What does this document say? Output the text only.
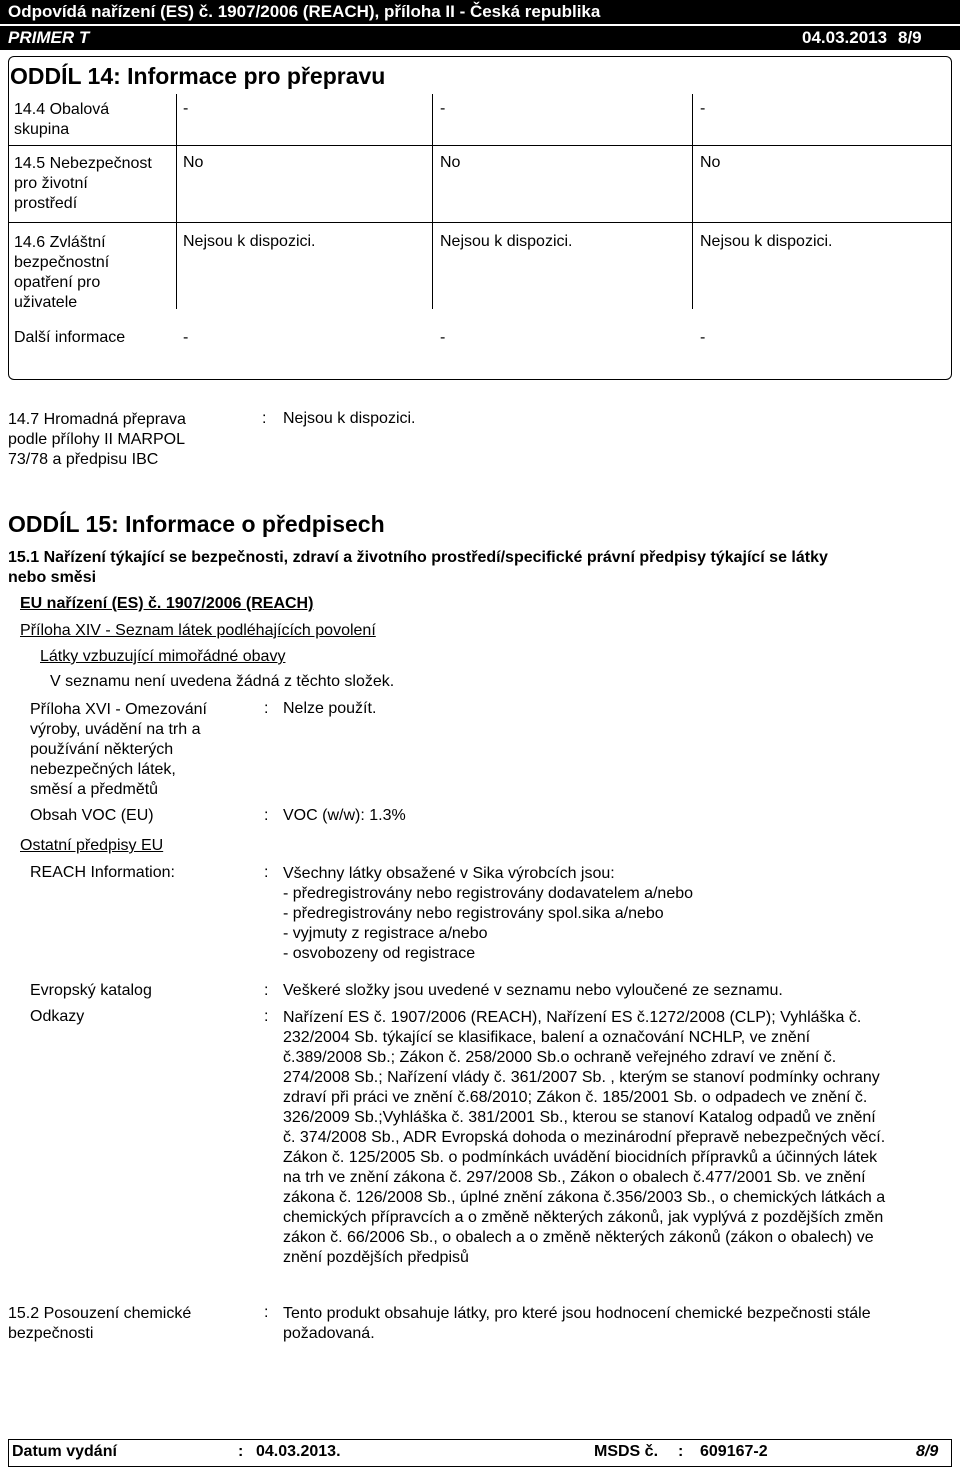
Odpovídá nařízení (ES) č. 1907/2006 (REACH), příloha II - Česká republika
PRIMER T	04.03.2013 8/9
ODDÍL 14: Informace pro přepravu
14.4 Obalová
skupina
-	-	-
14.5 Nebezpečnost
pro životní
prostředí
No	No	No
14.6 Zvláštní
bezpečnostní
opatření pro
uživatele
Nejsou k dispozici.	Nejsou k dispozici.	Nejsou k dispozici.
Další informace	-	-	-
14.7 Hromadná přeprava
podle přílohy II MARPOL
73/78 a předpisu IBC
: Nejsou k dispozici.
ODDÍL 15: Informace o předpisech
15.1 Nařízení týkající se bezpečnosti, zdraví a životního prostředí/specifické právní předpisy týkající se látky
nebo směsi
EU nařízení (ES) č. 1907/2006 (REACH)
Příloha XIV - Seznam látek podléhajících povolení
Látky vzbuzující mimořádné obavy
V seznamu není uvedena žádná z těchto složek.
Příloha XVI - Omezování
výroby, uvádění na trh a
používání některých
nebezpečných látek,
směsí a předmětů
: Nelze použít.
Obsah VOC (EU)	: VOC (w/w): 1.3%
Ostatní předpisy EU
REACH Information:	: Všechny látky obsažené v Sika výrobcích jsou:
- předregistrovány nebo registrovány dodavatelem a/nebo
- předregistrovány nebo registrovány spol.sika a/nebo
- vyjmuty z registrace a/nebo
- osvobozeny od registrace
Evropský katalog	: Veškeré složky jsou uvedené v seznamu nebo vyloučené ze seznamu.
Odkazy	: Nařízení ES č. 1907/2006 (REACH), Nařízení ES č.1272/2008 (CLP); Vyhláška č.
232/2004 Sb. týkající se klasifikace, balení a označování NCHLP, ve znění
č.389/2008 Sb.; Zákon č. 258/2000 Sb.o ochraně veřejného zdraví ve znění č.
274/2008 Sb.; Nařízení vlády č. 361/2007 Sb. , kterým se stanoví podmínky ochrany
zdraví při práci ve znění č.68/2010; Zákon č. 185/2001 Sb. o odpadech ve znění č.
326/2009 Sb.;Vyhláška č. 381/2001 Sb., kterou se stanoví Katalog odpadů ve znění
č. 374/2008 Sb., ADR Evropská dohoda o mezinárodní přepravě nebezpečných věcí.
Zákon č. 125/2005 Sb. o podmínkách uvádění biocidních přípravků a účinných látek
na trh ve znění zákona č. 297/2008 Sb., Zákon o obalech č.477/2001 Sb. ve znění
zákona č. 126/2008 Sb., úplné znění zákona č.356/2003 Sb., o chemických látkách a
chemických přípravcích a o změně některých zákonů, jak vyplývá z pozdějších změn
zákon č. 66/2006 Sb., o obalech a o změně některých zákonů (zákon o obalech) ve
znění pozdějších předpisů
15.2 Posouzení chemické
bezpečnosti
: Tento produkt obsahuje látky, pro které jsou hodnocení chemické bezpečnosti stále
požadovaná.
Datum vydání	: 04.03.2013.	MSDS č. : 609167-2	8/9
